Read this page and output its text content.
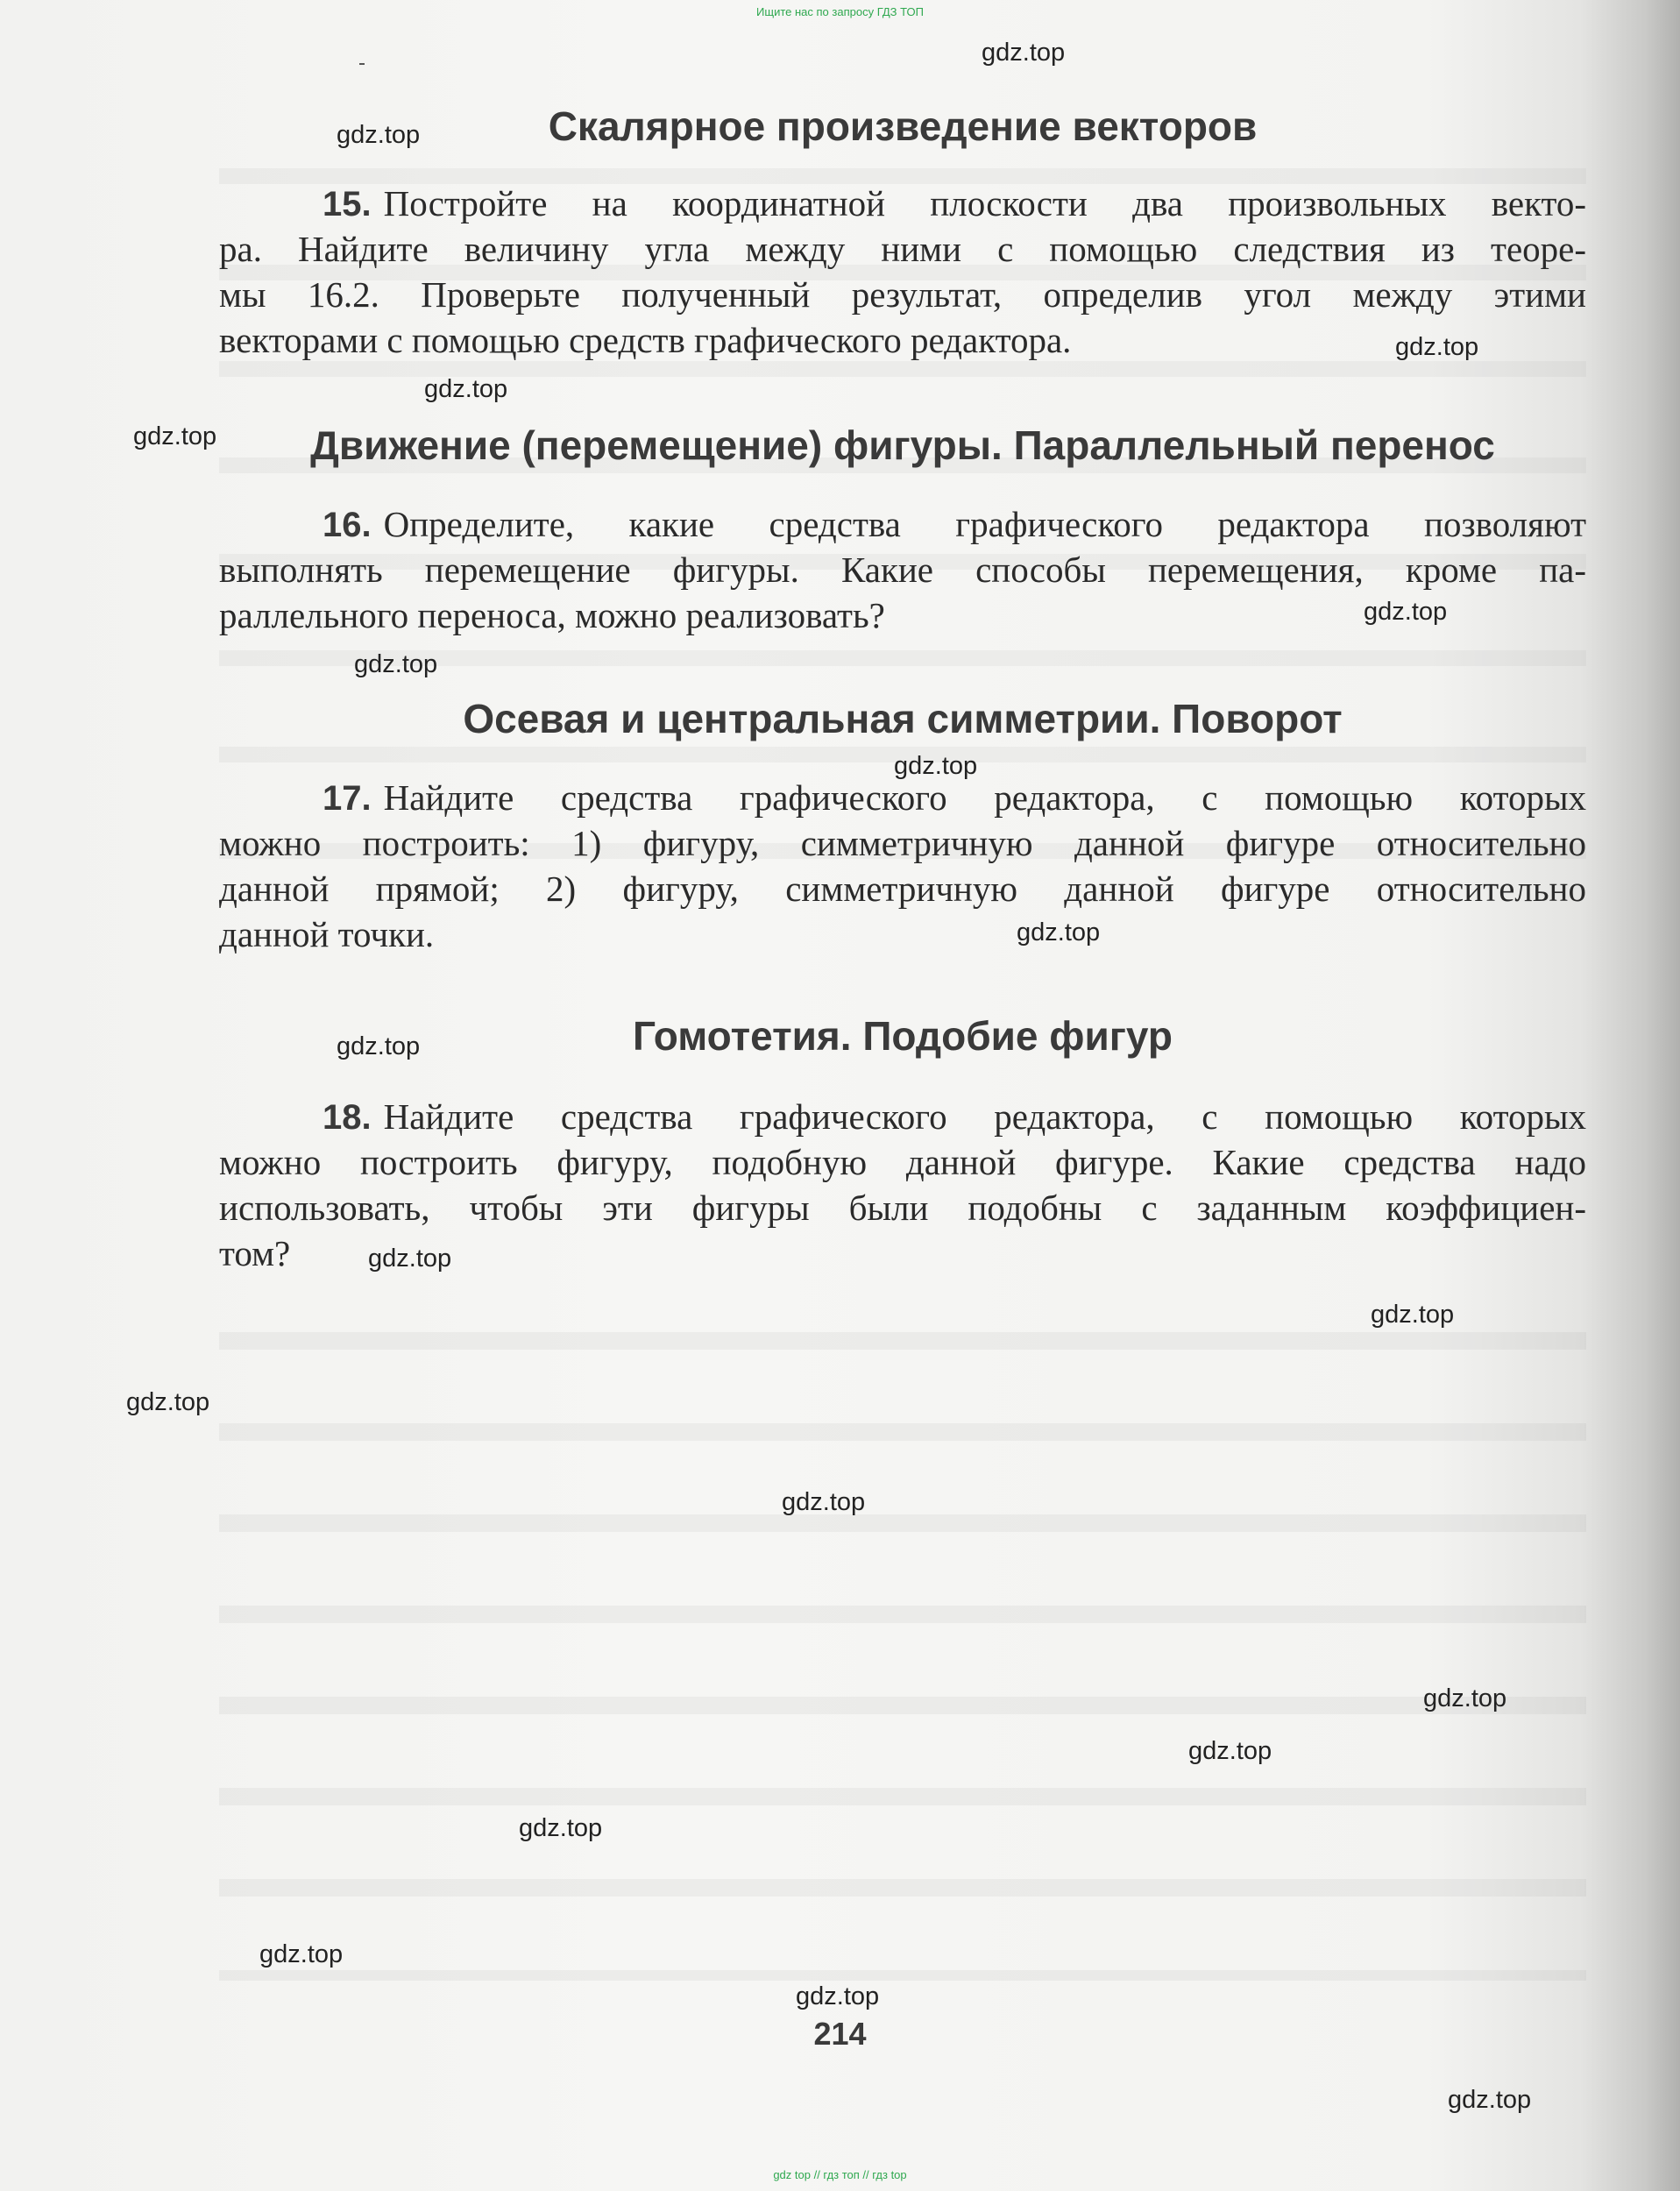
Ищите нас по запросу ГДЗ ТОП
Скалярное произведение векторов
15. Постройте на координатной плоскости два произвольных векто-
ра. Найдите величину угла между ними с помощью следствия из теоре-
мы 16.2. Проверьте полученный результат, определив угол между этими
векторами с помощью средств графического редактора.
Движение (перемещение) фигуры. Параллельный перенос
16. Определите, какие средства графического редактора позволяют
выполнять перемещение фигуры. Какие способы перемещения, кроме па-
раллельного переноса, можно реализовать?
Осевая и центральная симметрии. Поворот
17. Найдите средства графического редактора, с помощью которых
можно построить: 1) фигуру, симметричную данной фигуре относительно
данной прямой; 2) фигуру, симметричную данной фигуре относительно
данной точки.
Гомотетия. Подобие фигур
18. Найдите средства графического редактора, с помощью которых
можно построить фигуру, подобную данной фигуре. Какие средства надо
использовать, чтобы эти фигуры были подобны с заданным коэффициен-
том?
214
gdz.top
gdz.top
gdz.top
gdz.top
gdz.top
gdz.top
gdz.top
gdz.top
gdz.top
gdz.top
gdz.top
gdz.top
gdz.top
gdz.top
gdz.top
gdz.top
gdz.top
gdz.top
gdz.top
gdz.top
gdz top // гдз топ // гдз top
